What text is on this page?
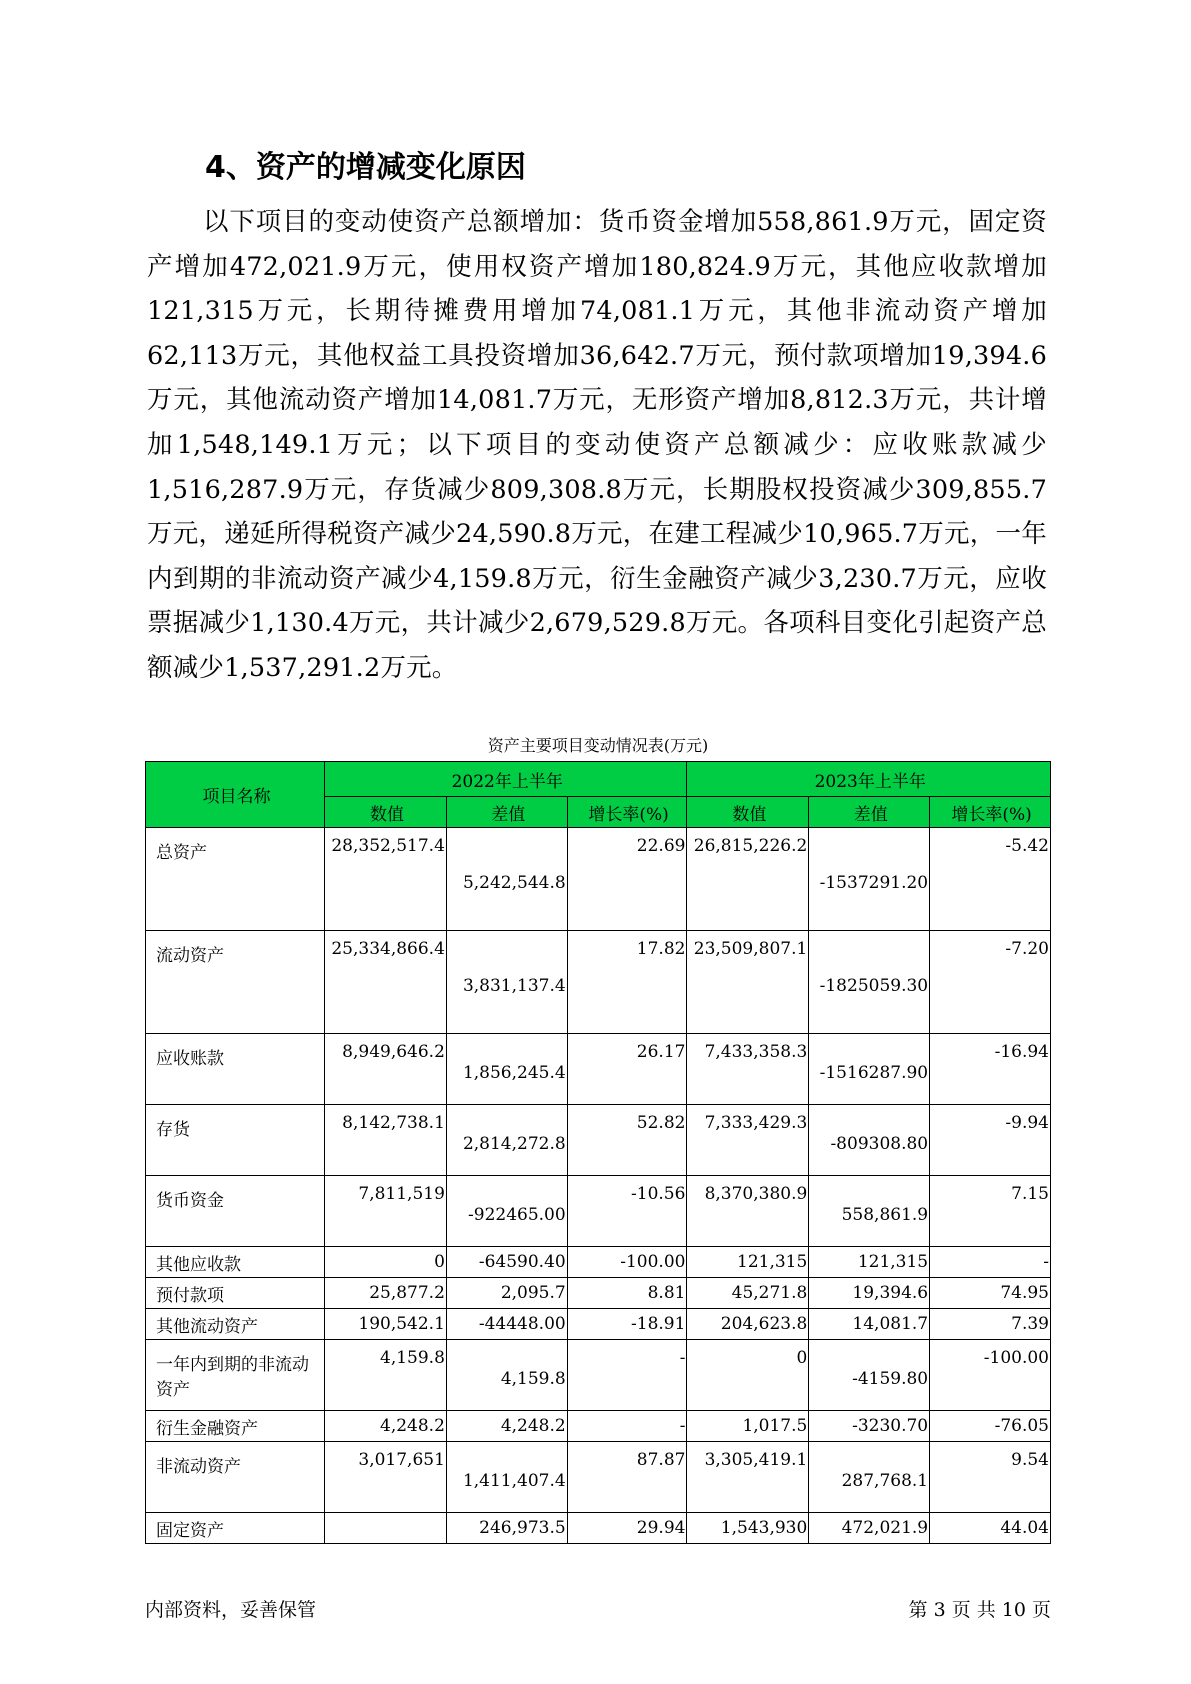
4、资产的增减变化原因

以下项目的变动使资产总额增加：货币资金增加558,861.9万元，固定资产增加472,021.9万元，使用权资产增加180,824.9万元，其他应收款增加121,315万元，长期待摊费用增加74,081.1万元，其他非流动资产增加62,113万元，其他权益工具投资增加36,642.7万元，预付款项增加19,394.6万元，其他流动资产增加14,081.7万元，无形资产增加8,812.3万元，共计增加1,548,149.1万元；以下项目的变动使资产总额减少：应收账款减少1,516,287.9万元，存货减少809,308.8万元，长期股权投资减少309,855.7万元，递延所得税资产减少24,590.8万元，在建工程减少10,965.7万元，一年内到期的非流动资产减少4,159.8万元，衍生金融资产减少3,230.7万元，应收票据减少1,130.4万元，共计减少2,679,529.8万元。各项科目变化引起资产总额减少1,537,291.2万元。

资产主要项目变动情况表(万元)
项目名称	2022年上半年			2023年上半年		
	数值	差值	增长率(%)	数值	差值	增长率(%)
总资产	28,352,517.4	5,242,544.8	22.69	26,815,226.2	-1537291.20	-5.42
流动资产	25,334,866.4	3,831,137.4	17.82	23,509,807.1	-1825059.30	-7.20
应收账款	8,949,646.2	1,856,245.4	26.17	7,433,358.3	-1516287.90	-16.94
存货	8,142,738.1	2,814,272.8	52.82	7,333,429.3	-809308.80	-9.94
货币资金	7,811,519	-922465.00	-10.56	8,370,380.9	558,861.9	7.15
其他应收款	0	-64590.40	-100.00	121,315	121,315	-
预付款项	25,877.2	2,095.7	8.81	45,271.8	19,394.6	74.95
其他流动资产	190,542.1	-44448.00	-18.91	204,623.8	14,081.7	7.39
一年内到期的非流动资产	4,159.8	4,159.8	-	0	-4159.80	-100.00
衍生金融资产	4,248.2	4,248.2	-	1,017.5	-3230.70	-76.05
非流动资产	3,017,651	1,411,407.4	87.87	3,305,419.1	287,768.1	9.54
固定资产		246,973.5	29.94	1,543,930	472,021.9	44.04
内部资料，妥善保管	第 3 页 共 10 页
